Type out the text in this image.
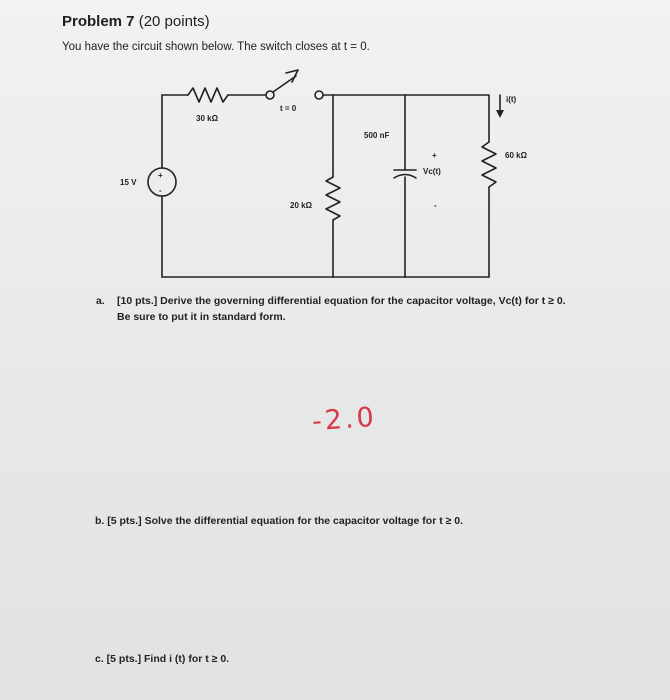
Problem 7 (20 points)
You have the circuit shown below. The switch closes at t = 0.
30 kΩ
t = 0
15 V
+
-
20 kΩ
500 nF
+
Vc(t)
-
i(t)
60 kΩ
a. [10 pts.] Derive the governing differential equation for the capacitor voltage, Vc(t) for t ≥ 0.
Be sure to put it in standard form.
-2.0
b. [5 pts.] Solve the differential equation for the capacitor voltage for t ≥ 0.
c. [5 pts.] Find i (t) for t ≥ 0.
